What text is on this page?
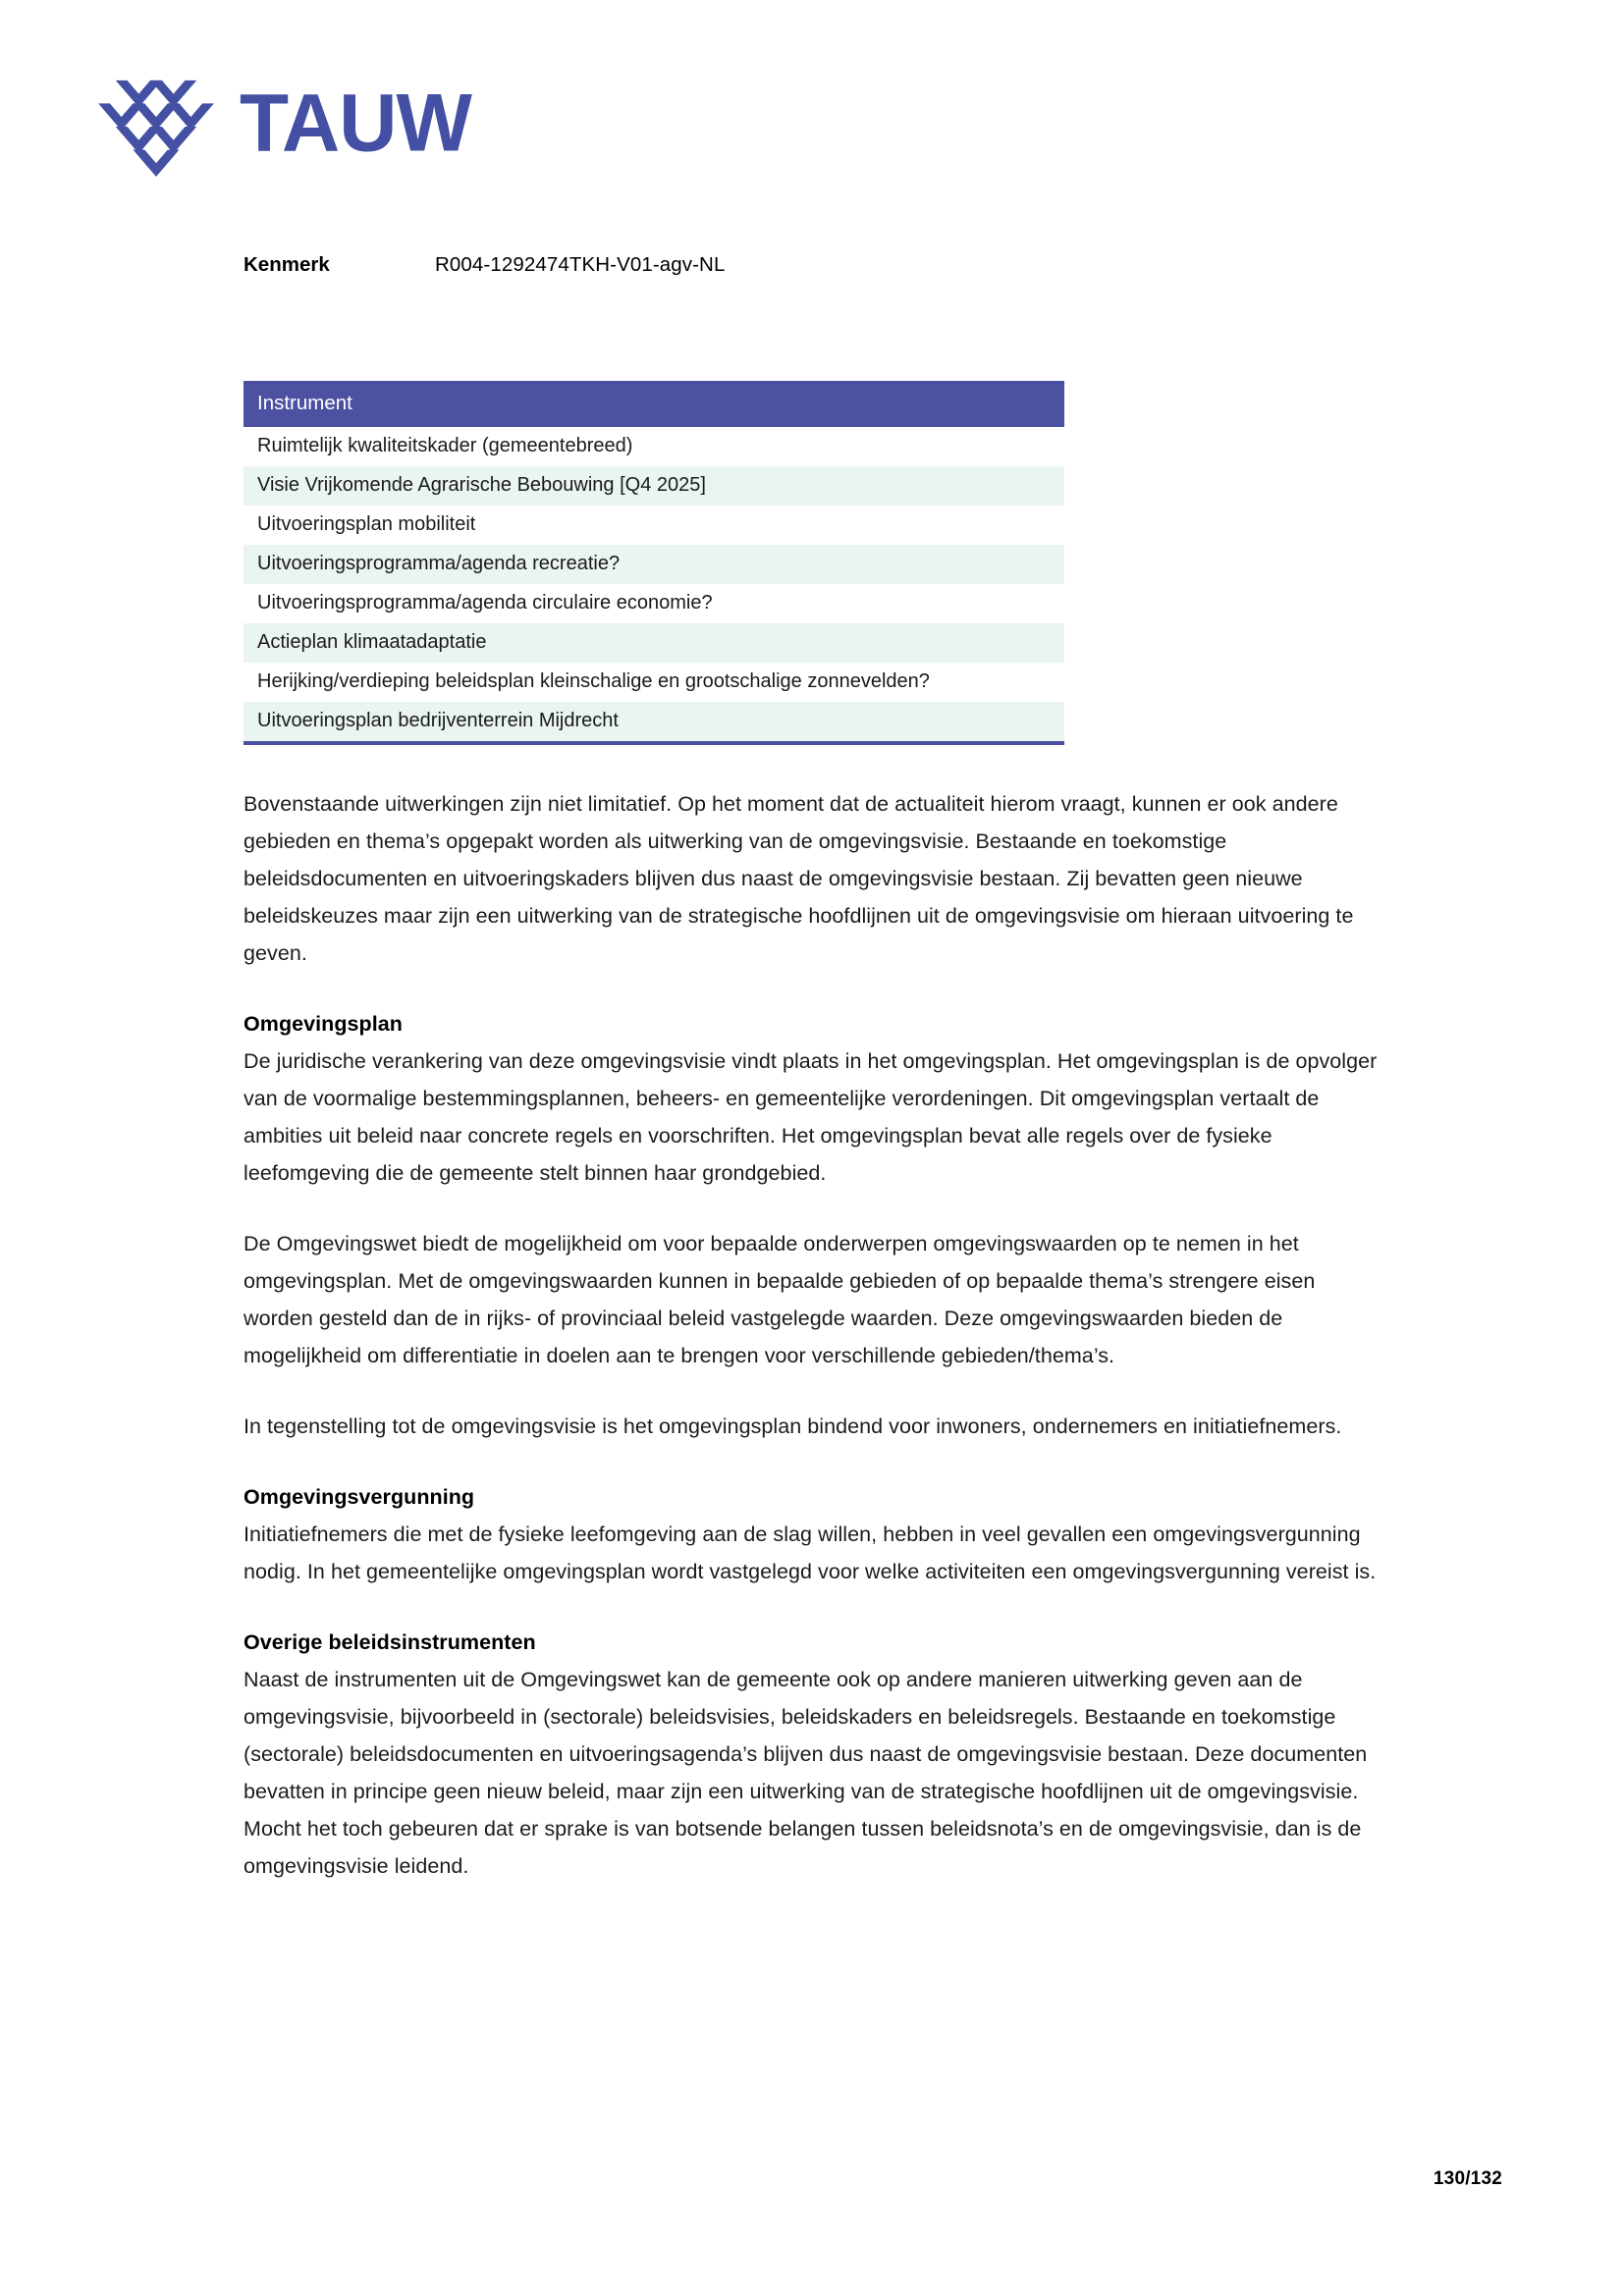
TAUW
Kenmerk	R004-1292474TKH-V01-agv-NL
Instrument
Ruimtelijk kwaliteitskader (gemeentebreed)
Visie Vrijkomende Agrarische Bebouwing [Q4 2025]
Uitvoeringsplan mobiliteit
Uitvoeringsprogramma/agenda recreatie?
Uitvoeringsprogramma/agenda circulaire economie?
Actieplan klimaatadaptatie
Herijking/verdieping beleidsplan kleinschalige en grootschalige zonnevelden?
Uitvoeringsplan bedrijventerrein Mijdrecht

Bovenstaande uitwerkingen zijn niet limitatief. Op het moment dat de actualiteit hierom vraagt, kunnen er ook andere gebieden en thema’s opgepakt worden als uitwerking van de omgevingsvisie. Bestaande en toekomstige beleidsdocumenten en uitvoeringskaders blijven dus naast de omgevingsvisie bestaan. Zij bevatten geen nieuwe beleidskeuzes maar zijn een uitwerking van de strategische hoofdlijnen uit de omgevingsvisie om hieraan uitvoering te geven.

Omgevingsplan

De juridische verankering van deze omgevingsvisie vindt plaats in het omgevingsplan. Het omgevingsplan is de opvolger van de voormalige bestemmingsplannen, beheers- en gemeentelijke verordeningen. Dit omgevingsplan vertaalt de ambities uit beleid naar concrete regels en voorschriften. Het omgevingsplan bevat alle regels over de fysieke leefomgeving die de gemeente stelt binnen haar grondgebied.

De Omgevingswet biedt de mogelijkheid om voor bepaalde onderwerpen omgevingswaarden op te nemen in het omgevingsplan. Met de omgevingswaarden kunnen in bepaalde gebieden of op bepaalde thema’s strengere eisen worden gesteld dan de in rijks- of provinciaal beleid vastgelegde waarden. Deze omgevingswaarden bieden de mogelijkheid om differentiatie in doelen aan te brengen voor verschillende gebieden/thema’s.

In tegenstelling tot de omgevingsvisie is het omgevingsplan bindend voor inwoners, ondernemers en initiatiefnemers.

Omgevingsvergunning

Initiatiefnemers die met de fysieke leefomgeving aan de slag willen, hebben in veel gevallen een omgevingsvergunning nodig. In het gemeentelijke omgevingsplan wordt vastgelegd voor welke activiteiten een omgevingsvergunning vereist is.

Overige beleidsinstrumenten

Naast de instrumenten uit de Omgevingswet kan de gemeente ook op andere manieren uitwerking geven aan de omgevingsvisie, bijvoorbeeld in (sectorale) beleidsvisies, beleidskaders en beleidsregels. Bestaande en toekomstige (sectorale) beleidsdocumenten en uitvoeringsagenda’s blijven dus naast de omgevingsvisie bestaan. Deze documenten bevatten in principe geen nieuw beleid, maar zijn een uitwerking van de strategische hoofdlijnen uit de omgevingsvisie. Mocht het toch gebeuren dat er sprake is van botsende belangen tussen beleidsnota’s en de omgevingsvisie, dan is de omgevingsvisie leidend.

130/132
